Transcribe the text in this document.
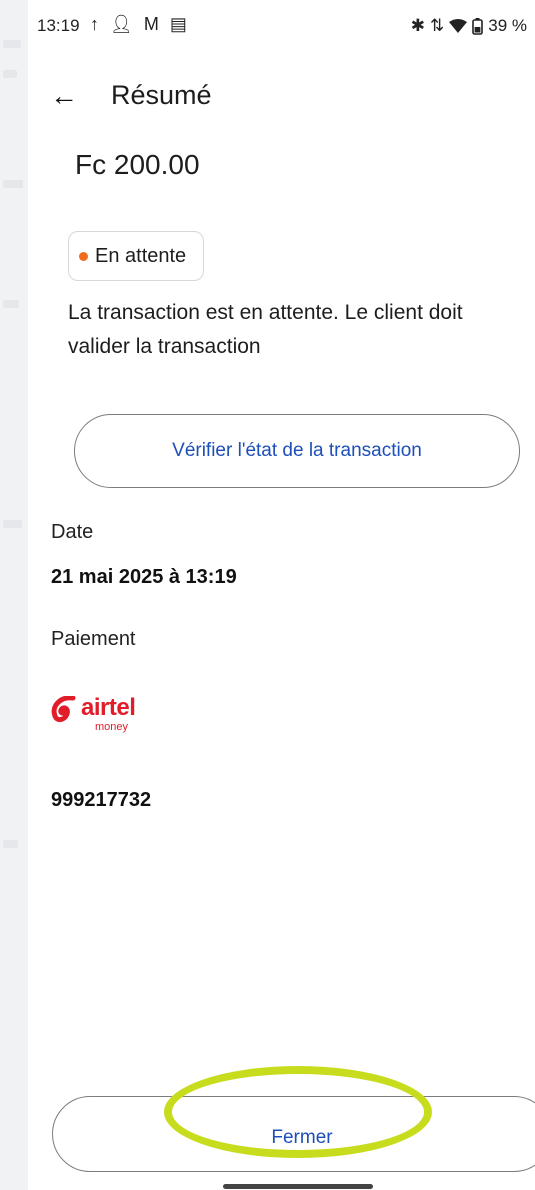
13:19 ↑ 👤︎ M ▤	✱ ⇅	39 %
← Résumé
Fc 200.00
En attente
La transaction est en attente. Le client doit valider la transaction
Vérifier l'état de la transaction
Date
21 mai 2025 à 13:19
Paiement
airtel
money
999217732
Fermer
